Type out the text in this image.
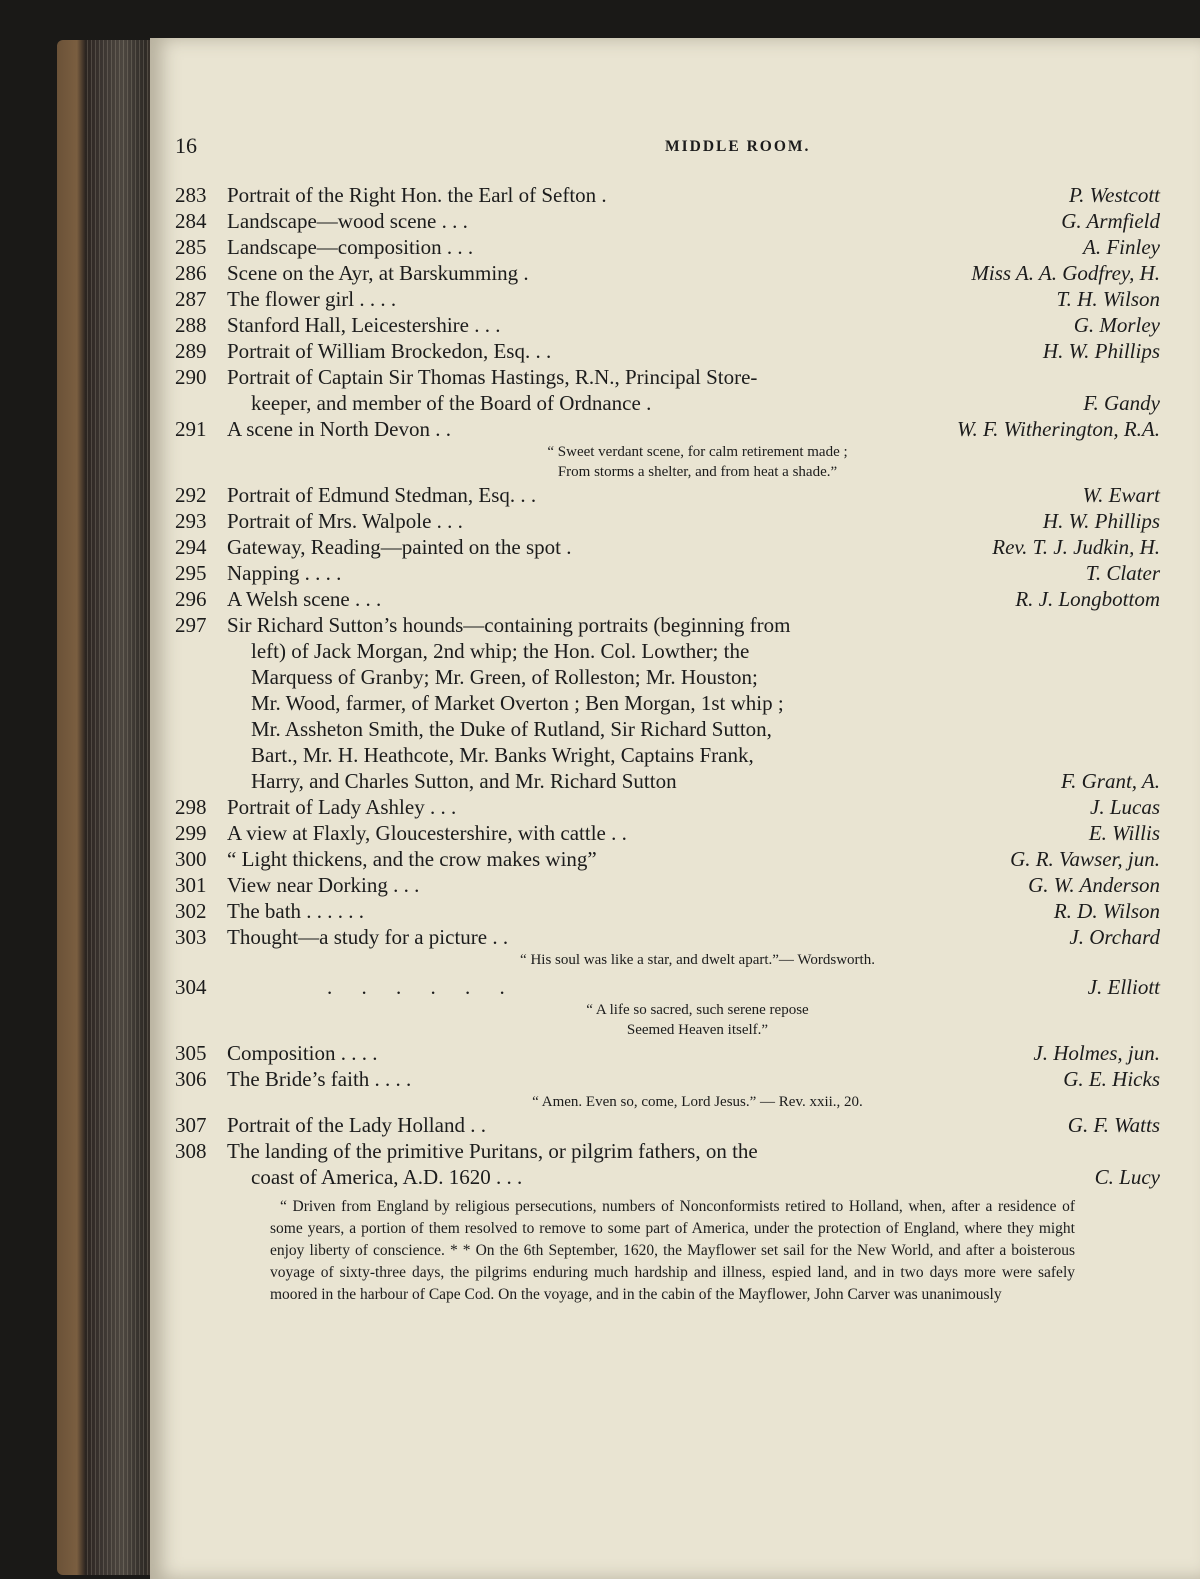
16	MIDDLE ROOM.
283 Portrait of the Right Hon. the Earl of Sefton .	P. Westcott
284 Landscape—wood scene . . .	G. Armfield
285 Landscape—composition . . .	A. Finley
286 Scene on the Ayr, at Barskumming .	Miss A. A. Godfrey, H.
287 The flower girl . . . .	T. H. Wilson
288 Stanford Hall, Leicestershire . . .	G. Morley
289 Portrait of William Brockedon, Esq. . .	H. W. Phillips
290 Portrait of Captain Sir Thomas Hastings, R.N., Principal Store-
keeper, and member of the Board of Ordnance .	F. Gandy
291 A scene in North Devon . .	W. F. Witherington, R.A.
“ Sweet verdant scene, for calm retirement made ;
From storms a shelter, and from heat a shade.”
292 Portrait of Edmund Stedman, Esq. . .	W. Ewart
293 Portrait of Mrs. Walpole . . .	H. W. Phillips
294 Gateway, Reading—painted on the spot .	Rev. T. J. Judkin, H.
295 Napping . . . .	T. Clater
296 A Welsh scene . . .	R. J. Longbottom
297 Sir Richard Sutton’s hounds—containing portraits (beginning from
left) of Jack Morgan, 2nd whip; the Hon. Col. Lowther; the
Marquess of Granby; Mr. Green, of Rolleston; Mr. Houston;
Mr. Wood, farmer, of Market Overton ; Ben Morgan, 1st whip ;
Mr. Assheton Smith, the Duke of Rutland, Sir Richard Sutton,
Bart., Mr. H. Heathcote, Mr. Banks Wright, Captains Frank,
Harry, and Charles Sutton, and Mr. Richard Sutton	F. Grant, A.
298 Portrait of Lady Ashley . . .	J. Lucas
299 A view at Flaxly, Gloucestershire, with cattle . .	E. Willis
300 “ Light thickens, and the crow makes wing”	G. R. Vawser, jun.
301 View near Dorking . . .	G. W. Anderson
302 The bath . . . . . .	R. D. Wilson
303 Thought—a study for a picture . .	J. Orchard
“ His soul was like a star, and dwelt apart.”— Wordsworth.
304	. . . . . .	J. Elliott
“ A life so sacred, such serene repose
Seemed Heaven itself.”
305 Composition . . . .	J. Holmes, jun.
306 The Bride’s faith . . . .	G. E. Hicks
“ Amen. Even so, come, Lord Jesus.” — Rev. xxii., 20.
307 Portrait of the Lady Holland . .	G. F. Watts
308 The landing of the primitive Puritans, or pilgrim fathers, on the
coast of America, A.D. 1620 . . .	C. Lucy
“ Driven from England by religious persecutions, numbers of Nonconformists retired to Holland, when, after a residence of some years, a portion of them resolved to remove to some part of America, under the protection of England, where they might enjoy liberty of conscience. * * On the 6th September, 1620, the Mayflower set sail for the New World, and after a boisterous voyage of sixty-three days, the pilgrims enduring much hardship and illness, espied land, and in two days more were safely moored in the harbour of Cape Cod. On the voyage, and in the cabin of the Mayflower, John Carver was unanimously
